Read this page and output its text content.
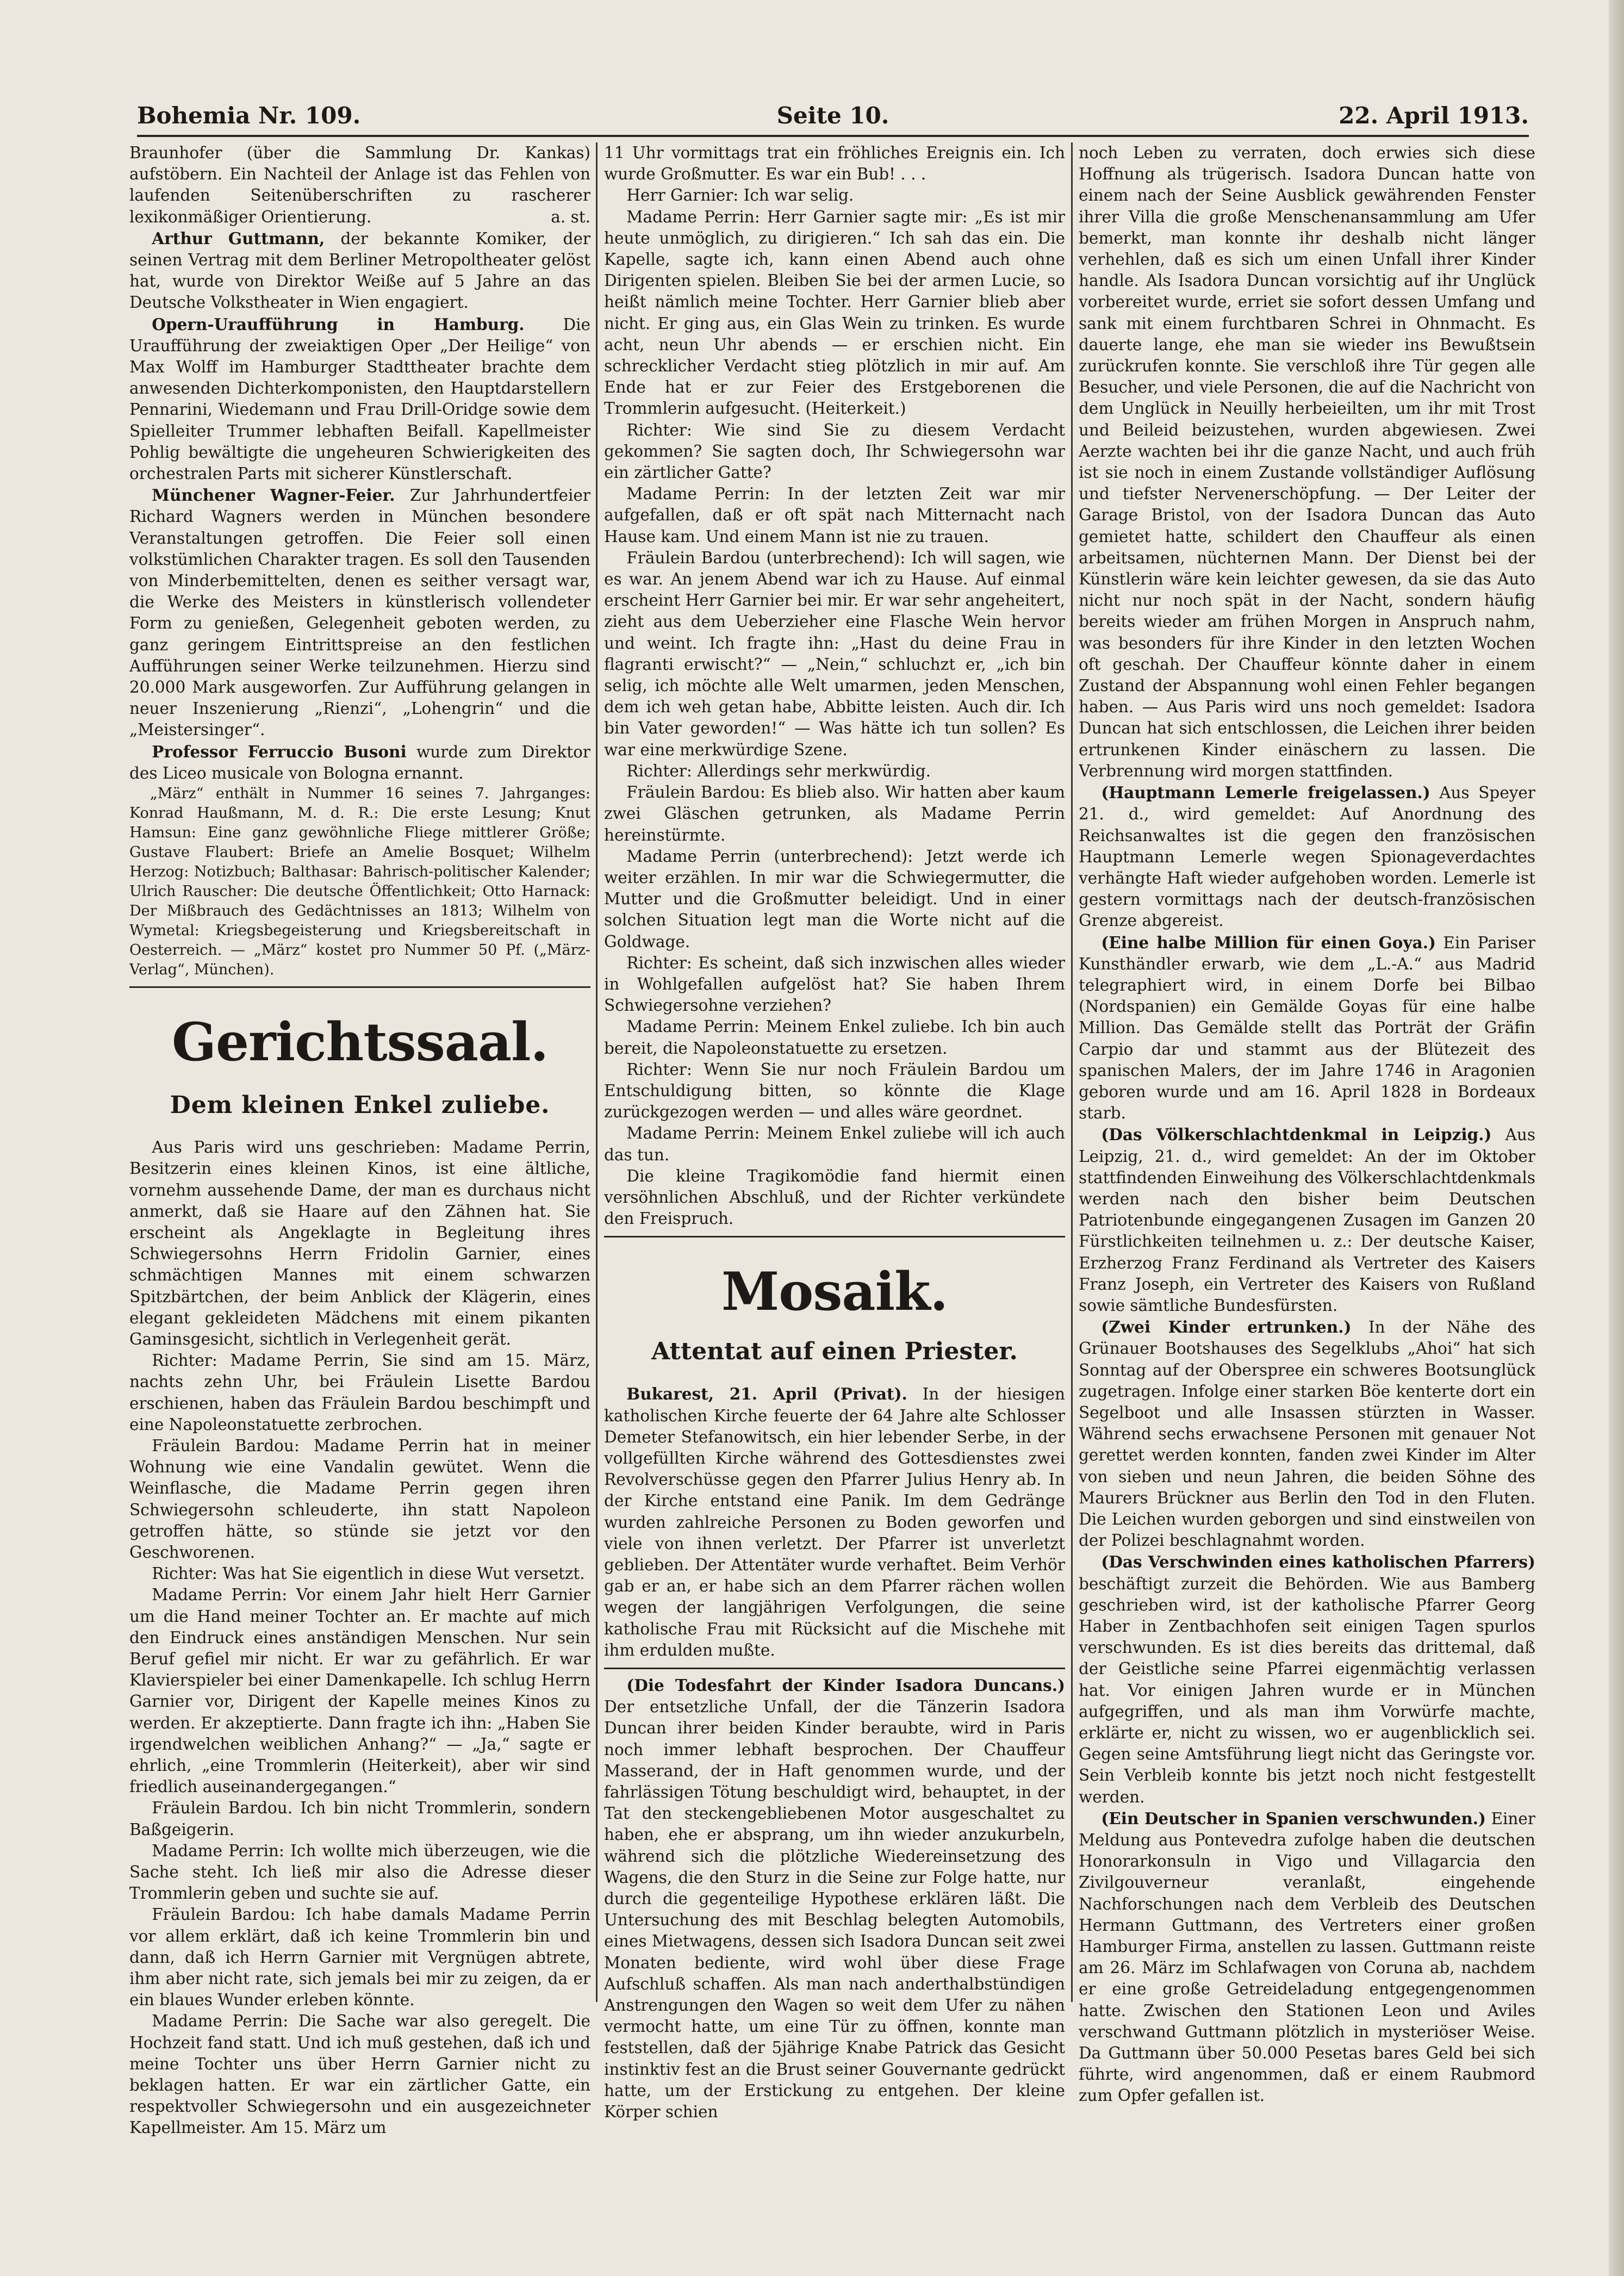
Bohemia Nr. 109.	Seite 10.	22. April 1913.

Braunhofer (über die Sammlung Dr. Kankas) aufstöbern. Ein Nachteil der Anlage ist das Fehlen von laufenden Seitenüberschriften zu rascherer lexikonmäßiger Orientierung.	a. st.

Arthur Guttmann, der bekannte Komiker, der seinen Vertrag mit dem Berliner Metropoltheater gelöst hat, wurde von Direktor Weiße auf 5 Jahre an das Deutsche Volkstheater in Wien engagiert.

Opern-Uraufführung in Hamburg. Die Uraufführung der zweiaktigen Oper „Der Heilige“ von Max Wolff im Hamburger Stadttheater brachte dem anwesenden Dichterkomponisten, den Hauptdarstellern Pennarini, Wiedemann und Frau Drill-Oridge sowie dem Spielleiter Trummer lebhaften Beifall. Kapellmeister Pohlig bewältigte die ungeheuren Schwierigkeiten des orchestralen Parts mit sicherer Künstlerschaft.

Münchener Wagner-Feier. Zur Jahrhundertfeier Richard Wagners werden in München besondere Veranstaltungen getroffen. Die Feier soll einen volkstümlichen Charakter tragen. Es soll den Tausenden von Minderbemittelten, denen es seither versagt war, die Werke des Meisters in künstlerisch vollendeter Form zu genießen, Gelegenheit geboten werden, zu ganz geringem Eintrittspreise an den festlichen Aufführungen seiner Werke teilzunehmen. Hierzu sind 20.000 Mark ausgeworfen. Zur Aufführung gelangen in neuer Inszenierung „Rienzi“, „Lohengrin“ und die „Meistersinger“.

Professor Ferruccio Busoni wurde zum Direktor des Liceo musicale von Bologna ernannt.

„März“ enthält in Nummer 16 seines 7. Jahrganges: Konrad Haußmann, M. d. R.: Die erste Lesung; Knut Hamsun: Eine ganz gewöhnliche Fliege mittlerer Größe; Gustave Flaubert: Briefe an Amelie Bosquet; Wilhelm Herzog: Notizbuch; Balthasar: Bahrisch-politischer Kalender; Ulrich Rauscher: Die deutsche Öffentlichkeit; Otto Harnack: Der Mißbrauch des Gedächtnisses an 1813; Wilhelm von Wymetal: Kriegsbegeisterung und Kriegsbereitschaft in Oesterreich. — „März“ kostet pro Nummer 50 Pf. („März-Verlag“, München).

Gerichtssaal.
Dem kleinen Enkel zuliebe.

Aus Paris wird uns geschrieben: Madame Perrin, Besitzerin eines kleinen Kinos, ist eine ältliche, vornehm aussehende Dame, der man es durchaus nicht anmerkt, daß sie Haare auf den Zähnen hat. Sie erscheint als Angeklagte in Begleitung ihres Schwiegersohns Herrn Fridolin Garnier, eines schmächtigen Mannes mit einem schwarzen Spitzbärtchen, der beim Anblick der Klägerin, eines elegant gekleideten Mädchens mit einem pikanten Gaminsgesicht, sichtlich in Verlegenheit gerät.

Richter: Madame Perrin, Sie sind am 15. März, nachts zehn Uhr, bei Fräulein Lisette Bardou erschienen, haben das Fräulein Bardou beschimpft und eine Napoleonstatuette zerbrochen.

Fräulein Bardou: Madame Perrin hat in meiner Wohnung wie eine Vandalin gewütet. Wenn die Weinflasche, die Madame Perrin gegen ihren Schwiegersohn schleuderte, ihn statt Napoleon getroffen hätte, so stünde sie jetzt vor den Geschworenen.

Richter: Was hat Sie eigentlich in diese Wut versetzt.

Madame Perrin: Vor einem Jahr hielt Herr Garnier um die Hand meiner Tochter an. Er machte auf mich den Eindruck eines anständigen Menschen. Nur sein Beruf gefiel mir nicht. Er war zu gefährlich. Er war Klavierspieler bei einer Damenkapelle. Ich schlug Herrn Garnier vor, Dirigent der Kapelle meines Kinos zu werden. Er akzeptierte. Dann fragte ich ihn: „Haben Sie irgendwelchen weiblichen Anhang?“ — „Ja,“ sagte er ehrlich, „eine Trommlerin (Heiterkeit), aber wir sind friedlich auseinandergegangen.“

Fräulein Bardou. Ich bin nicht Trommlerin, sondern Baßgeigerin.

Madame Perrin: Ich wollte mich überzeugen, wie die Sache steht. Ich ließ mir also die Adresse dieser Trommlerin geben und suchte sie auf.

Fräulein Bardou: Ich habe damals Madame Perrin vor allem erklärt, daß ich keine Trommlerin bin und dann, daß ich Herrn Garnier mit Vergnügen abtrete, ihm aber nicht rate, sich jemals bei mir zu zeigen, da er ein blaues Wunder erleben könnte.

Madame Perrin: Die Sache war also geregelt. Die Hochzeit fand statt. Und ich muß gestehen, daß ich und meine Tochter uns über Herrn Garnier nicht zu beklagen hatten. Er war ein zärtlicher Gatte, ein respektvoller Schwiegersohn und ein ausgezeichneter Kapellmeister. Am 15. März um

11 Uhr vormittags trat ein fröhliches Ereignis ein. Ich wurde Großmutter. Es war ein Bub! . . .

Herr Garnier: Ich war selig.

Madame Perrin: Herr Garnier sagte mir: „Es ist mir heute unmöglich, zu dirigieren.“ Ich sah das ein. Die Kapelle, sagte ich, kann einen Abend auch ohne Dirigenten spielen. Bleiben Sie bei der armen Lucie, so heißt nämlich meine Tochter. Herr Garnier blieb aber nicht. Er ging aus, ein Glas Wein zu trinken. Es wurde acht, neun Uhr abends — er erschien nicht. Ein schrecklicher Verdacht stieg plötzlich in mir auf. Am Ende hat er zur Feier des Erstgeborenen die Trommlerin aufgesucht. (Heiterkeit.)

Richter: Wie sind Sie zu diesem Verdacht gekommen? Sie sagten doch, Ihr Schwiegersohn war ein zärtlicher Gatte?

Madame Perrin: In der letzten Zeit war mir aufgefallen, daß er oft spät nach Mitternacht nach Hause kam. Und einem Mann ist nie zu trauen.

Fräulein Bardou (unterbrechend): Ich will sagen, wie es war. An jenem Abend war ich zu Hause. Auf einmal erscheint Herr Garnier bei mir. Er war sehr angeheitert, zieht aus dem Ueberzieher eine Flasche Wein hervor und weint. Ich fragte ihn: „Hast du deine Frau in flagranti erwischt?“ — „Nein,“ schluchzt er, „ich bin selig, ich möchte alle Welt umarmen, jeden Menschen, dem ich weh getan habe, Abbitte leisten. Auch dir. Ich bin Vater geworden!“ — Was hätte ich tun sollen? Es war eine merkwürdige Szene.

Richter: Allerdings sehr merkwürdig.

Fräulein Bardou: Es blieb also. Wir hatten aber kaum zwei Gläschen getrunken, als Madame Perrin hereinstürmte.

Madame Perrin (unterbrechend): Jetzt werde ich weiter erzählen. In mir war die Schwiegermutter, die Mutter und die Großmutter beleidigt. Und in einer solchen Situation legt man die Worte nicht auf die Goldwage.

Richter: Es scheint, daß sich inzwischen alles wieder in Wohlgefallen aufgelöst hat? Sie haben Ihrem Schwiegersohne verziehen?

Madame Perrin: Meinem Enkel zuliebe. Ich bin auch bereit, die Napoleonstatuette zu ersetzen.

Richter: Wenn Sie nur noch Fräulein Bardou um Entschuldigung bitten, so könnte die Klage zurückgezogen werden — und alles wäre geordnet.

Madame Perrin: Meinem Enkel zuliebe will ich auch das tun.

Die kleine Tragikomödie fand hiermit einen versöhnlichen Abschluß, und der Richter verkündete den Freispruch.

Mosaik.
Attentat auf einen Priester.

Bukarest, 21. April (Privat). In der hiesigen katholischen Kirche feuerte der 64 Jahre alte Schlosser Demeter Stefanowitsch, ein hier lebender Serbe, in der vollgefüllten Kirche während des Gottesdienstes zwei Revolverschüsse gegen den Pfarrer Julius Henry ab. In der Kirche entstand eine Panik. Im dem Gedränge wurden zahlreiche Personen zu Boden geworfen und viele von ihnen verletzt. Der Pfarrer ist unverletzt geblieben. Der Attentäter wurde verhaftet. Beim Verhör gab er an, er habe sich an dem Pfarrer rächen wollen wegen der langjährigen Verfolgungen, die seine katholische Frau mit Rücksicht auf die Mischehe mit ihm erdulden mußte.

(Die Todesfahrt der Kinder Isadora Duncans.) Der entsetzliche Unfall, der die Tänzerin Isadora Duncan ihrer beiden Kinder beraubte, wird in Paris noch immer lebhaft besprochen. Der Chauffeur Masserand, der in Haft genommen wurde, und der fahrlässigen Tötung beschuldigt wird, behauptet, in der Tat den steckengebliebenen Motor ausgeschaltet zu haben, ehe er absprang, um ihn wieder anzukurbeln, während sich die plötzliche Wiedereinsetzung des Wagens, die den Sturz in die Seine zur Folge hatte, nur durch die gegenteilige Hypothese erklären läßt. Die Untersuchung des mit Beschlag belegten Automobils, eines Mietwagens, dessen sich Isadora Duncan seit zwei Monaten bediente, wird wohl über diese Frage Aufschluß schaffen. Als man nach anderthalbstündigen Anstrengungen den Wagen so weit dem Ufer zu nähen vermocht hatte, um eine Tür zu öffnen, konnte man feststellen, daß der 5jährige Knabe Patrick das Gesicht instinktiv fest an die Brust seiner Gouvernante gedrückt hatte, um der Erstickung zu entgehen. Der kleine Körper schien

noch Leben zu verraten, doch erwies sich diese Hoffnung als trügerisch. Isadora Duncan hatte von einem nach der Seine Ausblick gewährenden Fenster ihrer Villa die große Menschenansammlung am Ufer bemerkt, man konnte ihr deshalb nicht länger verhehlen, daß es sich um einen Unfall ihrer Kinder handle. Als Isadora Duncan vorsichtig auf ihr Unglück vorbereitet wurde, erriet sie sofort dessen Umfang und sank mit einem furchtbaren Schrei in Ohnmacht. Es dauerte lange, ehe man sie wieder ins Bewußtsein zurückrufen konnte. Sie verschloß ihre Tür gegen alle Besucher, und viele Personen, die auf die Nachricht von dem Unglück in Neuilly herbeieilten, um ihr mit Trost und Beileid beizustehen, wurden abgewiesen. Zwei Aerzte wachten bei ihr die ganze Nacht, und auch früh ist sie noch in einem Zustande vollständiger Auflösung und tiefster Nervenerschöpfung. — Der Leiter der Garage Bristol, von der Isadora Duncan das Auto gemietet hatte, schildert den Chauffeur als einen arbeitsamen, nüchternen Mann. Der Dienst bei der Künstlerin wäre kein leichter gewesen, da sie das Auto nicht nur noch spät in der Nacht, sondern häufig bereits wieder am frühen Morgen in Anspruch nahm, was besonders für ihre Kinder in den letzten Wochen oft geschah. Der Chauffeur könnte daher in einem Zustand der Abspannung wohl einen Fehler begangen haben. — Aus Paris wird uns noch gemeldet: Isadora Duncan hat sich entschlossen, die Leichen ihrer beiden ertrunkenen Kinder einäschern zu lassen. Die Verbrennung wird morgen stattfinden.

(Hauptmann Lemerle freigelassen.) Aus Speyer 21. d., wird gemeldet: Auf Anordnung des Reichsanwaltes ist die gegen den französischen Hauptmann Lemerle wegen Spionageverdachtes verhängte Haft wieder aufgehoben worden. Lemerle ist gestern vormittags nach der deutsch-französischen Grenze abgereist.

(Eine halbe Million für einen Goya.) Ein Pariser Kunsthändler erwarb, wie dem „L.-A.“ aus Madrid telegraphiert wird, in einem Dorfe bei Bilbao (Nordspanien) ein Gemälde Goyas für eine halbe Million. Das Gemälde stellt das Porträt der Gräfin Carpio dar und stammt aus der Blütezeit des spanischen Malers, der im Jahre 1746 in Aragonien geboren wurde und am 16. April 1828 in Bordeaux starb.

(Das Völkerschlachtdenkmal in Leipzig.) Aus Leipzig, 21. d., wird gemeldet: An der im Oktober stattfindenden Einweihung des Völkerschlachtdenkmals werden nach den bisher beim Deutschen Patriotenbunde eingegangenen Zusagen im Ganzen 20 Fürstlichkeiten teilnehmen u. z.: Der deutsche Kaiser, Erzherzog Franz Ferdinand als Vertreter des Kaisers Franz Joseph, ein Vertreter des Kaisers von Rußland sowie sämtliche Bundesfürsten.

(Zwei Kinder ertrunken.) In der Nähe des Grünauer Bootshauses des Segelklubs „Ahoi“ hat sich Sonntag auf der Oberspree ein schweres Bootsunglück zugetragen. Infolge einer starken Böe kenterte dort ein Segelboot und alle Insassen stürzten in Wasser. Während sechs erwachsene Personen mit genauer Not gerettet werden konnten, fanden zwei Kinder im Alter von sieben und neun Jahren, die beiden Söhne des Maurers Brückner aus Berlin den Tod in den Fluten. Die Leichen wurden geborgen und sind einstweilen von der Polizei beschlagnahmt worden.

(Das Verschwinden eines katholischen Pfarrers) beschäftigt zurzeit die Behörden. Wie aus Bamberg geschrieben wird, ist der katholische Pfarrer Georg Haber in Zentbachhofen seit einigen Tagen spurlos verschwunden. Es ist dies bereits das drittemal, daß der Geistliche seine Pfarrei eigenmächtig verlassen hat. Vor einigen Jahren wurde er in München aufgegriffen, und als man ihm Vorwürfe machte, erklärte er, nicht zu wissen, wo er augenblicklich sei. Gegen seine Amtsführung liegt nicht das Geringste vor. Sein Verbleib konnte bis jetzt noch nicht festgestellt werden.

(Ein Deutscher in Spanien verschwunden.) Einer Meldung aus Pontevedra zufolge haben die deutschen Honorarkonsuln in Vigo und Villagarcia den Zivilgouverneur veranlaßt, eingehende Nachforschungen nach dem Verbleib des Deutschen Hermann Guttmann, des Vertreters einer großen Hamburger Firma, anstellen zu lassen. Guttmann reiste am 26. März im Schlafwagen von Coruna ab, nachdem er eine große Getreideladung entgegengenommen hatte. Zwischen den Stationen Leon und Aviles verschwand Guttmann plötzlich in mysteriöser Weise. Da Guttmann über 50.000 Pesetas bares Geld bei sich führte, wird angenommen, daß er einem Raubmord zum Opfer gefallen ist.
